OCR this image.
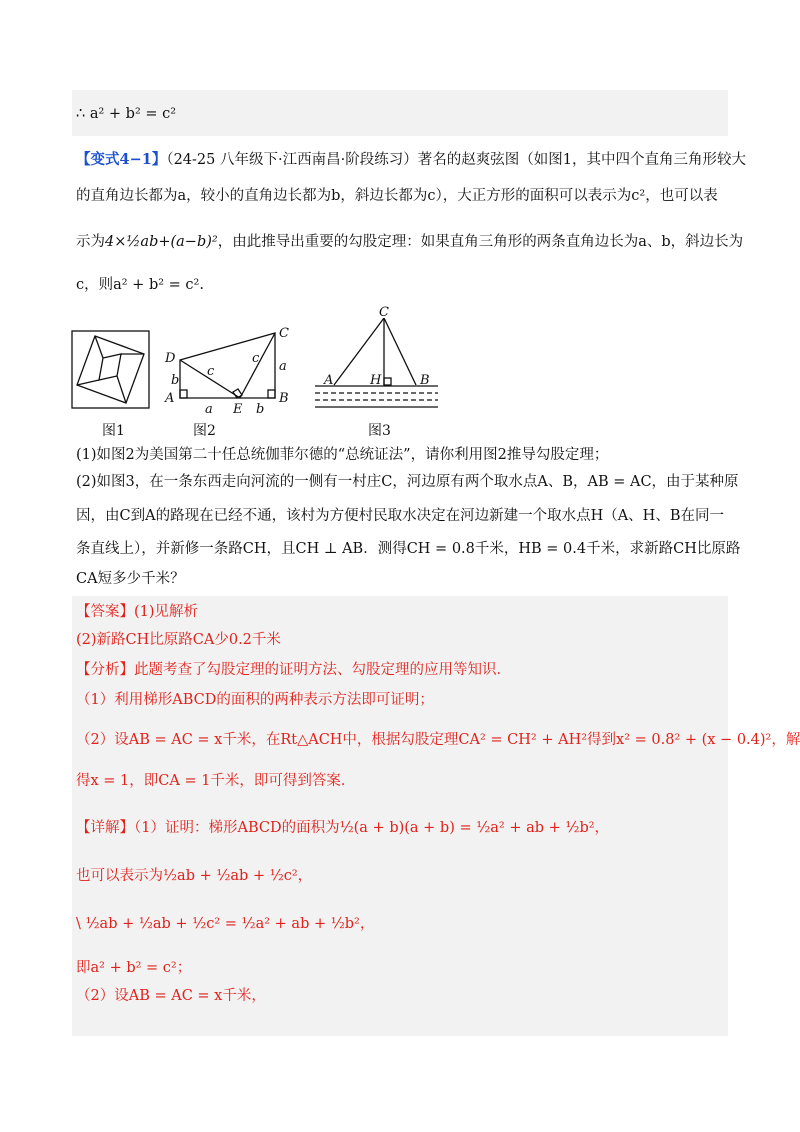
∴ a² + b² = c²
【变式4−1】（24-25 八年级下·江西南昌·阶段练习）著名的赵爽弦图（如图1，其中四个直角三角形较大
的直角边长都为a，较小的直角边长都为b，斜边长都为c），大正方形的面积可以表示为c²，也可以表
示为4×½ab+(a−b)²，由此推导出重要的勾股定理：如果直角三角形的两条直角边长为a、b，斜边长为
c，则a² + b² = c².
D
C
A
E
B
a
b
c
c
a
b
A	H	B
C
图1	图2	图3
(1)如图2为美国第二十任总统伽菲尔德的“总统证法”，请你利用图2推导勾股定理；
(2)如图3，在一条东西走向河流的一侧有一村庄C，河边原有两个取水点A、B，AB = AC，由于某种原
因，由C到A的路现在已经不通，该村为方便村民取水决定在河边新建一个取水点H（A、H、B在同一
条直线上），并新修一条路CH，且CH ⊥ AB．测得CH = 0.8千米，HB = 0.4千米，求新路CH比原路
CA短多少千米？
【答案】(1)见解析
(2)新路CH比原路CA少0.2千米
【分析】此题考查了勾股定理的证明方法、勾股定理的应用等知识．
（1）利用梯形ABCD的面积的两种表示方法即可证明；
（2）设AB = AC = x千米，在Rt△ACH中，根据勾股定理CA² = CH² + AH²得到x² = 0.8² + (x − 0.4)²，解
得x = 1，即CA = 1千米，即可得到答案．
【详解】（1）证明：梯形ABCD的面积为½(a + b)(a + b) = ½a² + ab + ½b²，
也可以表示为½ab + ½ab + ½c²，
\ ½ab + ½ab + ½c² = ½a² + ab + ½b²，
即a² + b² = c²；
（2）设AB = AC = x千米，
